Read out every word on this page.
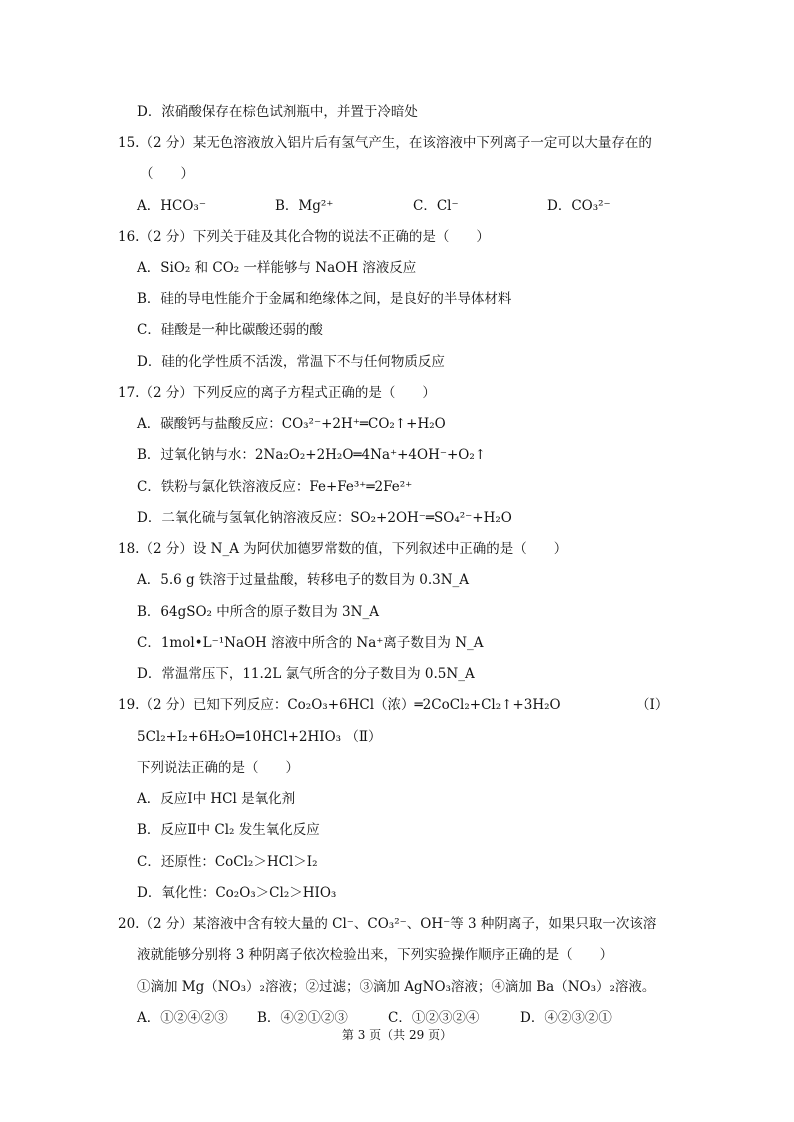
D．浓硝酸保存在棕色试剂瓶中，并置于冷暗处
15.（2 分）某无色溶液放入铝片后有氢气产生，在该溶液中下列离子一定可以大量存在的
（　　）
A．HCO₃⁻	B．Mg²⁺	C．Cl⁻	D．CO₃²⁻
16.（2 分）下列关于硅及其化合物的说法不正确的是（　　）
A．SiO₂ 和 CO₂ 一样能够与 NaOH 溶液反应
B．硅的导电性能介于金属和绝缘体之间，是良好的半导体材料
C．硅酸是一种比碳酸还弱的酸
D．硅的化学性质不活泼，常温下不与任何物质反应
17.（2 分）下列反应的离子方程式正确的是（　　）
A．碳酸钙与盐酸反应：CO₃²⁻+2H⁺═CO₂↑+H₂O
B．过氧化钠与水：2Na₂O₂+2H₂O═4Na⁺+4OH⁻+O₂↑
C．铁粉与氯化铁溶液反应：Fe+Fe³⁺═2Fe²⁺
D．二氧化硫与氢氧化钠溶液反应：SO₂+2OH⁻═SO₄²⁻+H₂O
18.（2 分）设 N_A 为阿伏加德罗常数的值，下列叙述中正确的是（　　）
A．5.6 g 铁溶于过量盐酸，转移电子的数目为 0.3N_A
B．64gSO₂ 中所含的原子数目为 3N_A
C．1mol•L⁻¹NaOH 溶液中所含的 Na⁺离子数目为 N_A
D．常温常压下，11.2L 氯气所含的分子数目为 0.5N_A
19.（2 分）已知下列反应：Co₂O₃+6HCl（浓）═2CoCl₂+Cl₂↑+3H₂O	（Ⅰ）
5Cl₂+I₂+6H₂O═10HCl+2HIO₃ （Ⅱ）
下列说法正确的是（　　）
A．反应Ⅰ中 HCl 是氧化剂
B．反应Ⅱ中 Cl₂ 发生氧化反应
C．还原性：CoCl₂＞HCl＞I₂
D．氧化性：Co₂O₃＞Cl₂＞HIO₃
20.（2 分）某溶液中含有较大量的 Cl⁻、CO₃²⁻、OH⁻等 3 种阴离子，如果只取一次该溶
液就能够分别将 3 种阴离子依次检验出来，下列实验操作顺序正确的是（　　）
①滴加 Mg（NO₃）₂溶液；②过滤；③滴加 AgNO₃溶液；④滴加 Ba（NO₃）₂溶液。
A．①②④②③ B．④②①②③	C．①②③②④	D．④②③②①
第 3 页（共 29 页）
